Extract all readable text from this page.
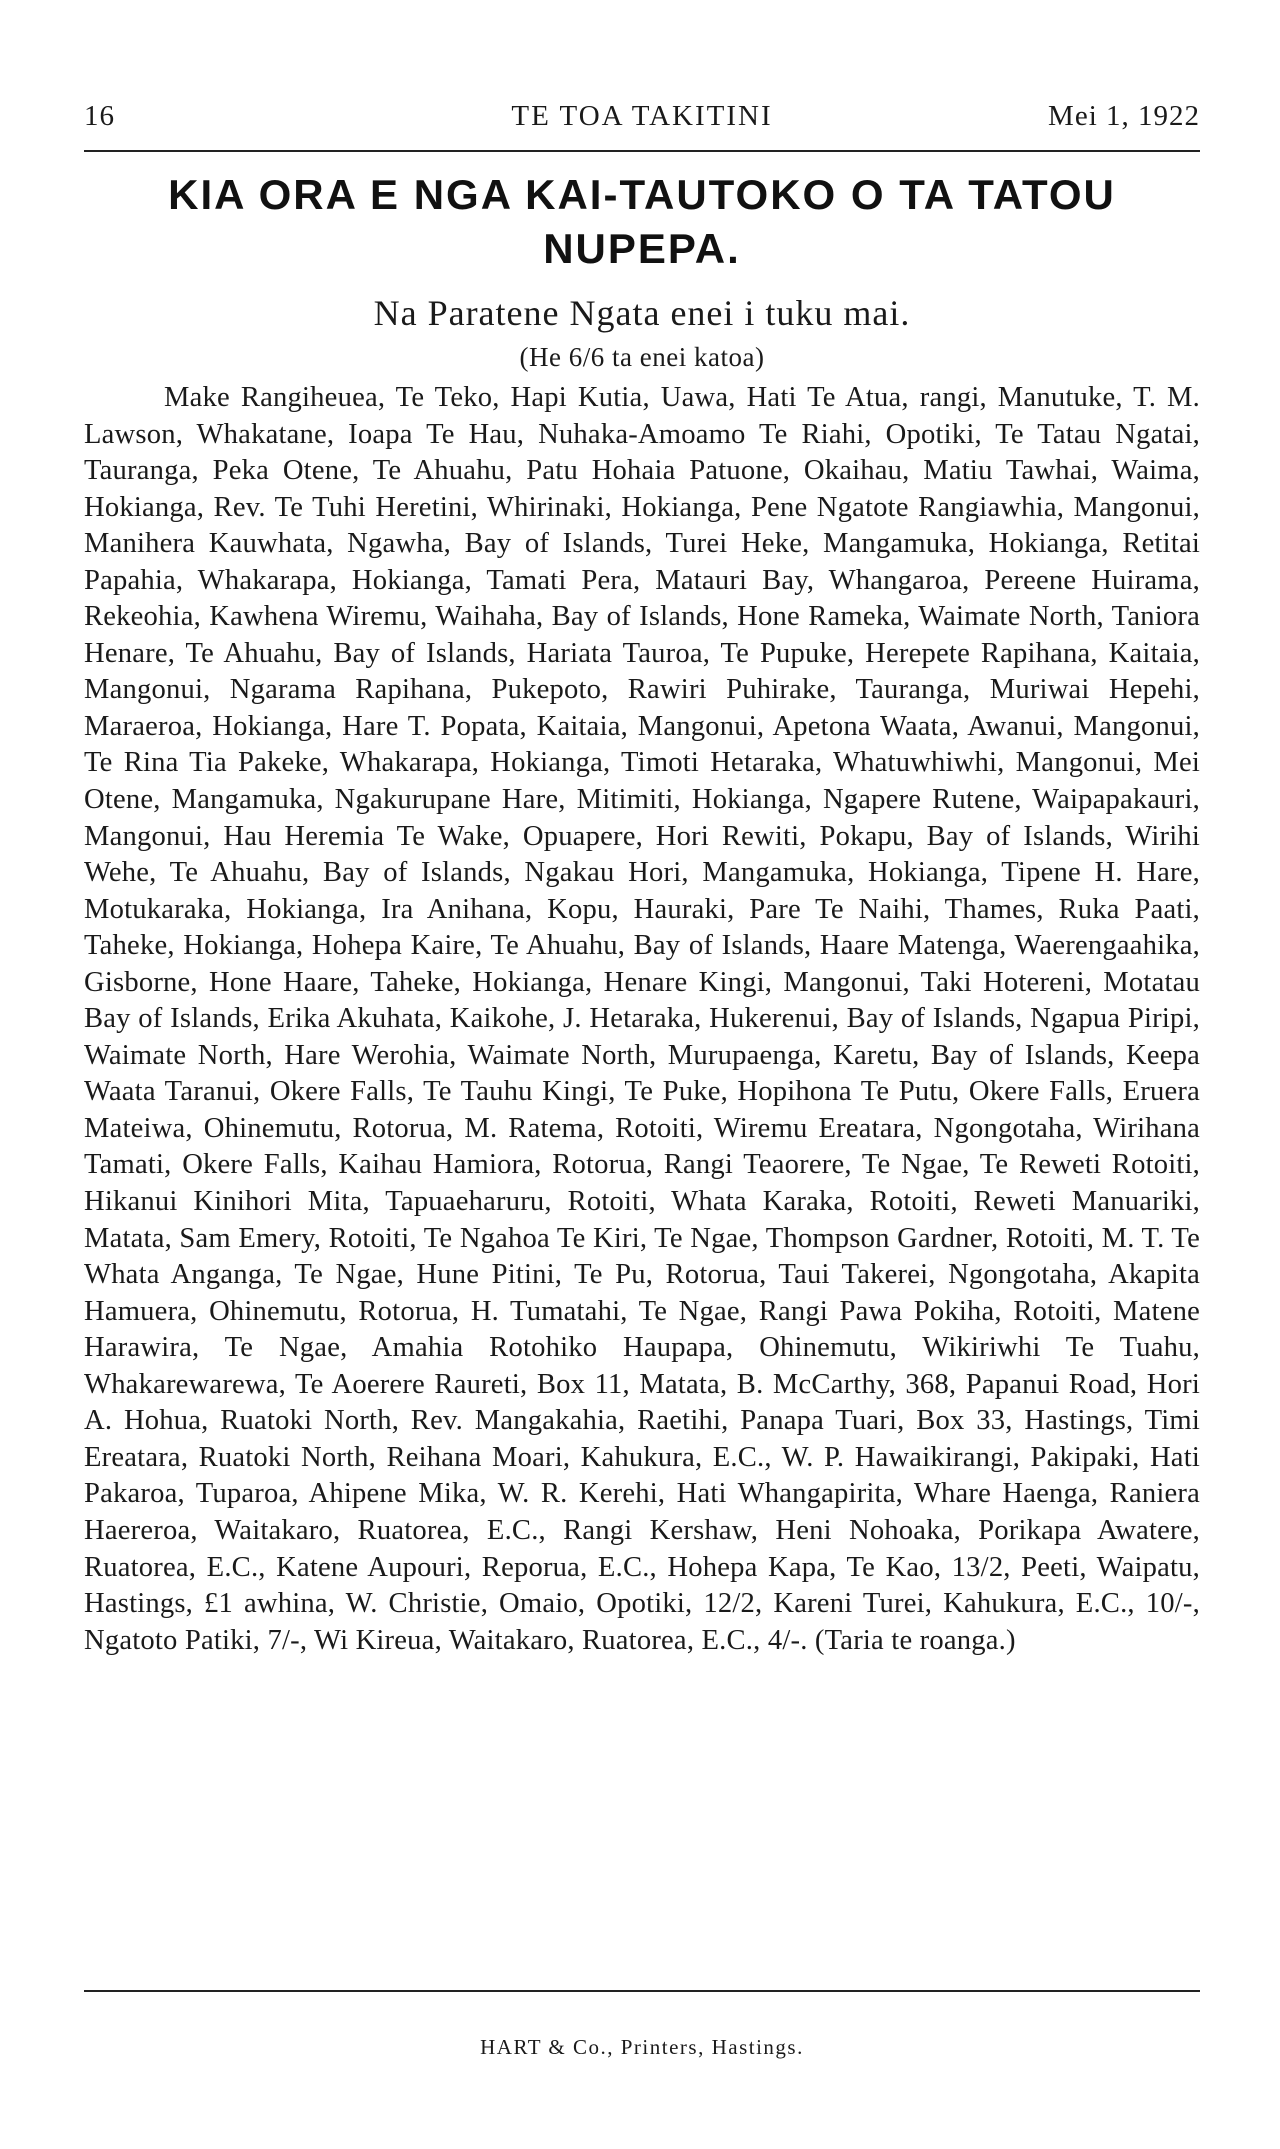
TE TOA TAKITINI
16	Mei 1, 1922
KIA ORA E NGA KAI-TAUTOKO O TA TATOU NUPEPA.
Na Paratene Ngata enei i tuku mai.
(He 6/6 ta enei katoa)

Make Rangiheuea, Te Teko, Hapi Kutia, Uawa, Hati Te Atua, rangi, Manutuke, T. M. Lawson, Whakatane, Ioapa Te Hau, Nuhaka-Amoamo Te Riahi, Opotiki, Te Tatau Ngatai, Tauranga, Peka Otene, Te Ahuahu, Patu Hohaia Patuone, Okaihau, Matiu Tawhai, Waima, Hokianga, Rev. Te Tuhi Heretini, Whirinaki, Hokianga, Pene Ngatote Rangiawhia, Mangonui, Manihera Kauwhata, Ngawha, Bay of Islands, Turei Heke, Mangamuka, Hokianga, Retitai Papahia, Whakarapa, Hokianga, Tamati Pera, Matauri Bay, Whangaroa, Pereene Huirama, Rekeohia, Kawhena Wiremu, Waihaha, Bay of Islands, Hone Rameka, Waimate North, Taniora Henare, Te Ahuahu, Bay of Islands, Hariata Tauroa, Te Pupuke, Herepete Rapihana, Kaitaia, Mangonui, Ngarama Rapihana, Pukepoto, Rawiri Puhirake, Tauranga, Muriwai Hepehi, Maraeroa, Hokianga, Hare T. Popata, Kaitaia, Mangonui, Apetona Waata, Awanui, Mangonui, Te Rina Tia Pakeke, Whakarapa, Hokianga, Timoti Hetaraka, Whatuwhiwhi, Mangonui, Mei Otene, Mangamuka, Ngakurupane Hare, Mitimiti, Hokianga, Ngapere Rutene, Waipapakauri, Mangonui, Hau Heremia Te Wake, Opuapere, Hori Rewiti, Pokapu, Bay of Islands, Wirihi Wehe, Te Ahuahu, Bay of Islands, Ngakau Hori, Mangamuka, Hokianga, Tipene H. Hare, Motukaraka, Hokianga, Ira Anihana, Kopu, Hauraki, Pare Te Naihi, Thames, Ruka Paati, Taheke, Hokianga, Hohepa Kaire, Te Ahuahu, Bay of Islands, Haare Matenga, Waerengaahika, Gisborne, Hone Haare, Taheke, Hokianga, Henare Kingi, Mangonui, Taki Hotereni, Motatau Bay of Islands, Erika Akuhata, Kaikohe, J. Hetaraka, Hukerenui, Bay of Islands, Ngapua Piripi, Waimate North, Hare Werohia, Waimate North, Murupaenga, Karetu, Bay of Islands, Keepa Waata Taranui, Okere Falls, Te Tauhu Kingi, Te Puke, Hopihona Te Putu, Okere Falls, Eruera Mateiwa, Ohinemutu, Rotorua, M. Ratema, Rotoiti, Wiremu Ereatara, Ngongotaha, Wirihana Tamati, Okere Falls, Kaihau Hamiora, Rotorua, Rangi Teaorere, Te Ngae, Te Reweti Rotoiti, Hikanui Kinihori Mita, Tapuaeharuru, Rotoiti, Whata Karaka, Rotoiti, Reweti Manuariki, Matata, Sam Emery, Rotoiti, Te Ngahoa Te Kiri, Te Ngae, Thompson Gardner, Rotoiti, M. T. Te Whata Anganga, Te Ngae, Hune Pitini, Te Pu, Rotorua, Taui Takerei, Ngongotaha, Akapita Hamuera, Ohinemutu, Rotorua, H. Tumatahi, Te Ngae, Rangi Pawa Pokiha, Rotoiti, Matene Harawira, Te Ngae, Amahia Rotohiko Haupapa, Ohinemutu, Wikiriwhi Te Tuahu, Whakarewarewa, Te Aoerere Raureti, Box 11, Matata, B. McCarthy, 368, Papanui Road, Hori A. Hohua, Ruatoki North, Rev. Mangakahia, Raetihi, Panapa Tuari, Box 33, Hastings, Timi Ereatara, Ruatoki North, Reihana Moari, Kahukura, E.C., W. P. Hawaikirangi, Pakipaki, Hati Pakaroa, Tuparoa, Ahipene Mika, W. R. Kerehi, Hati Whangapirita, Whare Haenga, Raniera Haereroa, Waitakaro, Ruatorea, E.C., Rangi Kershaw, Heni Nohoaka, Porikapa Awatere, Ruatorea, E.C., Katene Aupouri, Reporua, E.C., Hohepa Kapa, Te Kao, 13/2, Peeti, Waipatu, Hastings, £1 awhina, W. Christie, Omaio, Opotiki, 12/2, Kareni Turei, Kahukura, E.C., 10/-, Ngatoto Patiki, 7/-, Wi Kireua, Waitakaro, Ruatorea, E.C., 4/-. (Taria te roanga.)

HART & Co., Printers, Hastings.
